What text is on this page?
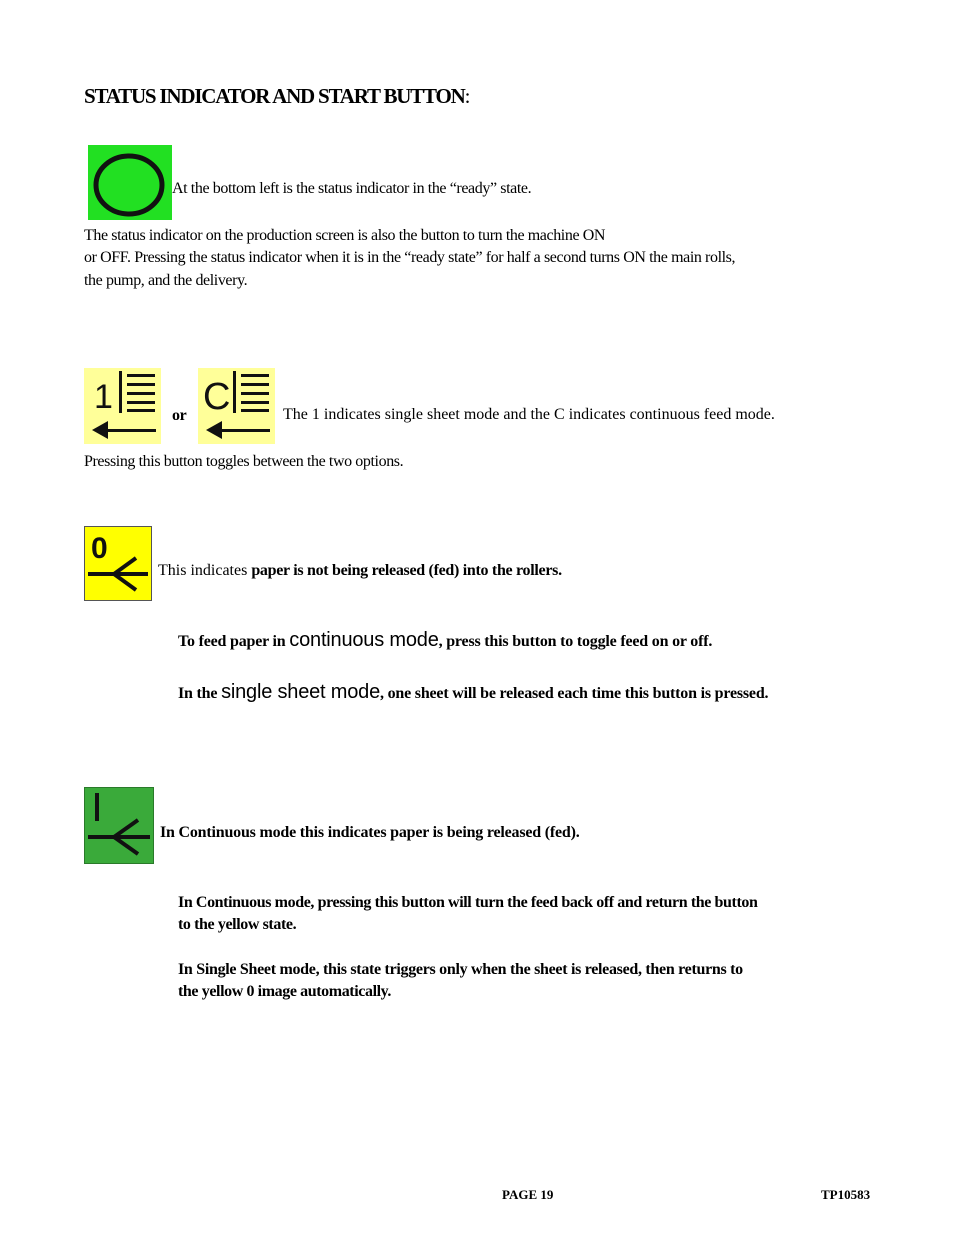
STATUS INDICATOR AND START BUTTON:
At the bottom left is the status indicator in the “ready” state.
The status indicator on the production screen is also the button to turn the machine ON
or OFF. Pressing the status indicator when it is in the “ready state” for half a second turns ON the main rolls,
the pump, and the delivery.
1	or C	The 1 indicates single sheet mode and the C indicates continuous feed mode.
Pressing this button toggles between the two options.
0
This indicates paper is not being released (fed) into the rollers.
To feed paper in continuous mode, press this button to toggle feed on or off.
In the single sheet mode, one sheet will be released each time this button is pressed.
In Continuous mode this indicates paper is being released (fed).
In Continuous mode, pressing this button will turn the feed back off and return the button
to the yellow state.
In Single Sheet mode, this state triggers only when the sheet is released, then returns to
the yellow 0 image automatically.
PAGE 19	TP10583
